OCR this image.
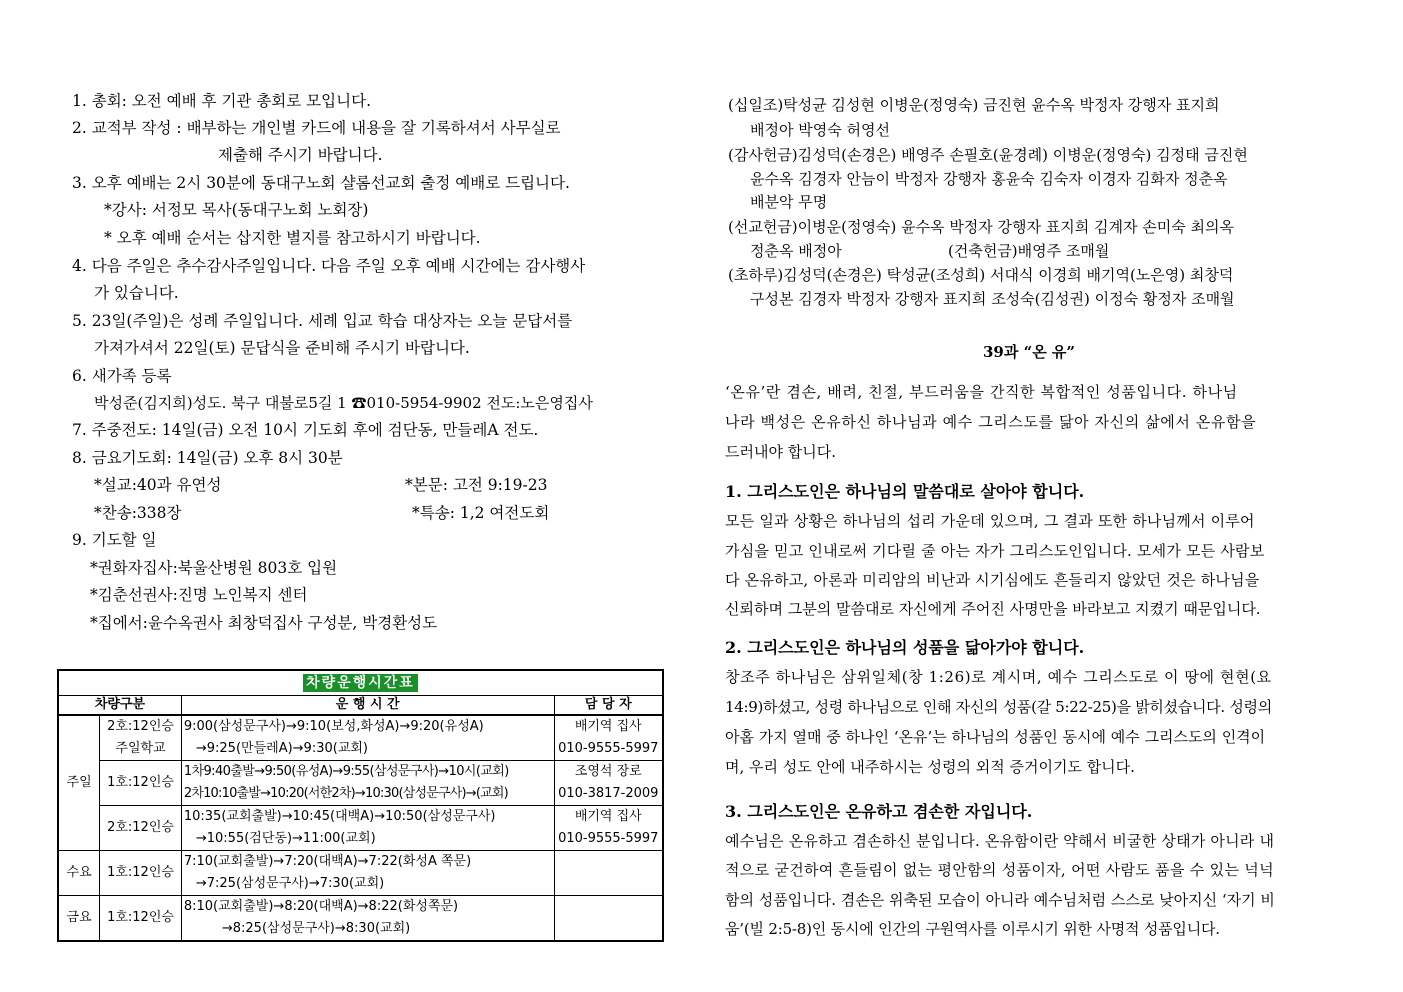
1. 총회: 오전 예배 후 기관 총회로 모입니다.
2. 교적부 작성 : 배부하는 개인별 카드에 내용을 잘 기록하셔서 사무실로
제출해 주시기 바랍니다.
3. 오후 예배는 2시 30분에 동대구노회 샬롬선교회 출정 예배로 드립니다.
*강사: 서정모 목사(동대구노회 노회장)
* 오후 예배 순서는 삽지한 별지를 참고하시기 바랍니다.
4. 다음 주일은 추수감사주일입니다. 다음 주일 오후 예배 시간에는 감사행사
가 있습니다.
5. 23일(주일)은 성례 주일입니다. 세례 입교 학습 대상자는 오늘 문답서를
가져가셔서 22일(토) 문답식을 준비해 주시기 바랍니다.
6. 새가족 등록
박성준(김지희)성도. 북구 대불로5길 1 ☎010-5954-9902 전도:노은영집사
7. 주중전도: 14일(금) 오전 10시 기도회 후에 검단동, 만들레A 전도.
8. 금요기도회: 14일(금) 오후 8시 30분
*설교:40과 유연성	*본문: 고전 9:19-23
*찬송:338장	*특송: 1,2 여전도회
9. 기도할 일
*권화자집사:북울산병원 803호 입원
*김춘선권사:진명 노인복지 센터
*집에서:윤수옥권사 최창덕집사 구성분, 박경환성도
차량운행시간표			
차량구분		운 행 시 간	담 당 자
주일	2호:12인승	9:00(삼성문구사)→9:10(보성,화성A)→9:20(유성A)	배기역 집사
	주일학교	→9:25(만들레A)→9:30(교회)	010-9555-5997
	1호:12인승	1차9:40출발→9:50(유성A)→9:55(삼성문구사)→10시(교회)	조영석 장로
		2차10:10출발→10:20(서한2차)→10:30(삼성문구사)→(교회)	010-3817-2009
	2호:12인승	10:35(교회출발)→10:45(대백A)→10:50(삼성문구사)	배기역 집사
		→10:55(검단동)→11:00(교회)	010-9555-5997
수요	1호:12인승	7:10(교회출발)→7:20(대백A)→7:22(화성A 쪽문)	
		→7:25(삼성문구사)→7:30(교회)	
금요	1호:12인승	8:10(교회출발)→8:20(대백A)→8:22(화성쪽문)	
		→8:25(삼성문구사)→8:30(교회)	
(십일조)탁성균 김성현 이병운(정영숙) 금진현 윤수옥 박정자 강행자 표지희
배정아 박영숙 허영선
(감사헌금)김성덕(손경은) 배영주 손필호(윤경례) 이병운(정영숙) 김정태 금진현
윤수옥 김경자 안늠이 박정자 강행자 홍윤숙 김숙자 이경자 김화자 정춘옥
배분악 무명
(선교헌금)이병운(정영숙) 윤수옥 박정자 강행자 표지희 김계자 손미숙 최의옥
정춘옥 배정아	(건축헌금)배영주 조매월
(초하루)김성덕(손경은) 탁성균(조성희) 서대식 이경희 배기역(노은영) 최창덕
구성본 김경자 박정자 강행자 표지희 조성숙(김성권) 이정숙 황정자 조매월
39과 “온 유”
‘온유’란 겸손, 배려, 친절, 부드러움을 간직한 복합적인 성품입니다. 하나님
나라 백성은 온유하신 하나님과 예수 그리스도를 닮아 자신의 삶에서 온유함을
드러내야 합니다.
1. 그리스도인은 하나님의 말씀대로 살아야 합니다.
모든 일과 상황은 하나님의 섭리 가운데 있으며, 그 결과 또한 하나님께서 이루어
가심을 믿고 인내로써 기다릴 줄 아는 자가 그리스도인입니다. 모세가 모든 사람보
다 온유하고, 아론과 미리암의 비난과 시기심에도 흔들리지 않았던 것은 하나님을
신뢰하며 그분의 말씀대로 자신에게 주어진 사명만을 바라보고 지켰기 때문입니다.
2. 그리스도인은 하나님의 성품을 닮아가야 합니다.
창조주 하나님은 삼위일체(창 1:26)로 계시며, 예수 그리스도로 이 땅에 현현(요
14:9)하셨고, 성령 하나님으로 인해 자신의 성품(갈 5:22-25)을 밝히셨습니다. 성령의
아홉 가지 열매 중 하나인 ‘온유’는 하나님의 성품인 동시에 예수 그리스도의 인격이
며, 우리 성도 안에 내주하시는 성령의 외적 증거이기도 합니다.
3. 그리스도인은 온유하고 겸손한 자입니다.
예수님은 온유하고 겸손하신 분입니다. 온유함이란 약해서 비굴한 상태가 아니라 내
적으로 굳건하여 흔들림이 없는 평안함의 성품이자, 어떤 사람도 품을 수 있는 넉넉
함의 성품입니다. 겸손은 위축된 모습이 아니라 예수님처럼 스스로 낮아지신 ‘자기 비
움’(빌 2:5-8)인 동시에 인간의 구원역사를 이루시기 위한 사명적 성품입니다.
